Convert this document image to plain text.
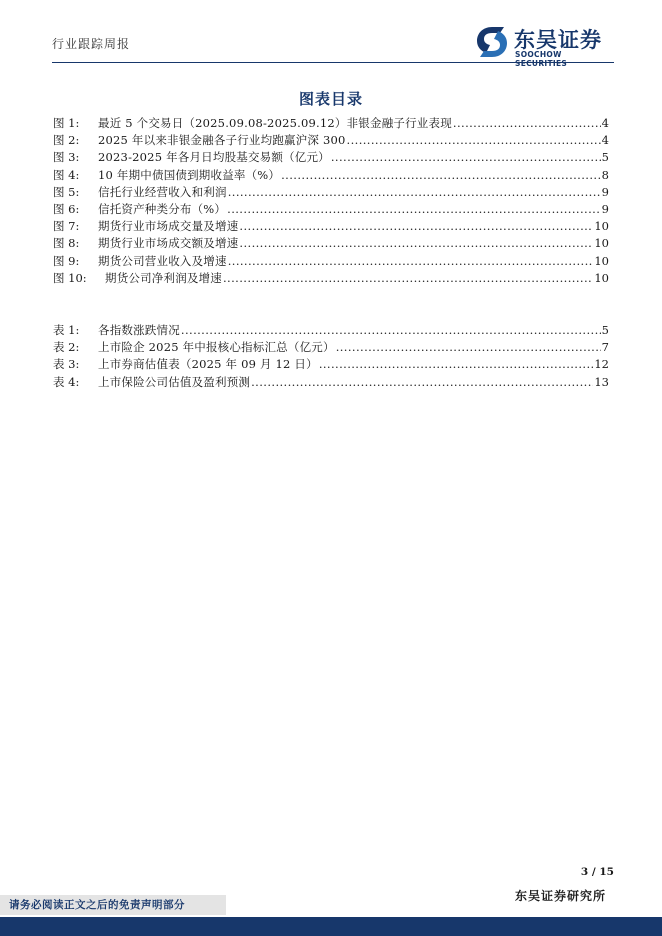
行业跟踪周报	东吴证券
SOOCHOW SECURITIES
图表目录
图 1:	最近 5 个交易日（2025.09.08-2025.09.12）非银金融子行业表现 .....	4
图 2:	2025 年以来非银金融各子行业均跑赢沪深 300 .....	4
图 3:	2023-2025 年各月日均股基交易额（亿元） .....	5
图 4:	10 年期中债国债到期收益率（%） .....	8
图 5:	信托行业经营收入和利润 .....	9
图 6:	信托资产种类分布（%） .....	9
图 7:	期货行业市场成交量及增速 .....	10
图 8:	期货行业市场成交额及增速 .....	10
图 9:	期货公司营业收入及增速 .....	10
图 10:	期货公司净利润及增速 .....	10
表 1:	各指数涨跌情况 .....	5
表 2:	上市险企 2025 年中报核心指标汇总（亿元） .....	7
表 3:	上市券商估值表（2025 年 09 月 12 日） .....	12
表 4:	上市保险公司估值及盈利预测 .....	13
3 / 15
东吴证券研究所
请务必阅读正文之后的免责声明部分
